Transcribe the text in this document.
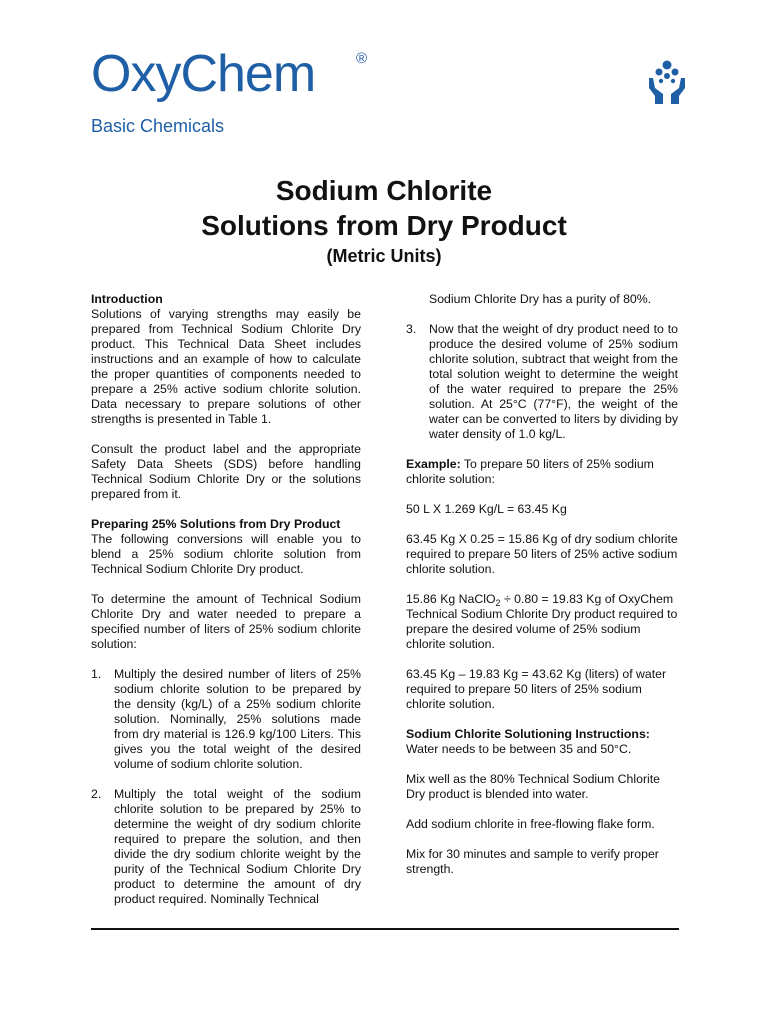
OxyChem	®
Basic Chemicals
Sodium Chlorite
Solutions from Dry Product
(Metric Units)
Introduction
Solutions of varying strengths may easily be prepared from Technical Sodium Chlorite Dry product. This Technical Data Sheet includes instructions and an example of how to calculate the proper quantities of components needed to prepare a 25% active sodium chlorite solution. Data necessary to prepare solutions of other strengths is presented in Table 1.
Consult the product label and the appropriate Safety Data Sheets (SDS) before handling Technical Sodium Chlorite Dry or the solutions prepared from it.
Preparing 25% Solutions from Dry Product
The following conversions will enable you to blend a 25% sodium chlorite solution from Technical Sodium Chlorite Dry product.
To determine the amount of Technical Sodium Chlorite Dry and water needed to prepare a specified number of liters of 25% sodium chlorite solution:
1. Multiply the desired number of liters of 25% sodium chlorite solution to be prepared by the density (kg/L) of a 25% sodium chlorite solution. Nominally, 25% solutions made from dry material is 126.9 kg/100 Liters. This gives you the total weight of the desired volume of sodium chlorite solution.
2. Multiply the total weight of the sodium chlorite solution to be prepared by 25% to determine the weight of dry sodium chlorite required to prepare the solution, and then divide the dry sodium chlorite weight by the purity of the Technical Sodium Chlorite Dry product to determine the amount of dry product required. Nominally Technical
Sodium Chlorite Dry has a purity of 80%.
3. Now that the weight of dry product need to to produce the desired volume of 25% sodium chlorite solution, subtract that weight from the total solution weight to determine the weight of the water required to prepare the 25% solution. At 25°C (77°F), the weight of the water can be converted to liters by dividing by water density of 1.0 kg/L.
Example: To prepare 50 liters of 25% sodium chlorite solution:
50 L X 1.269 Kg/L = 63.45 Kg
63.45 Kg X 0.25 = 15.86 Kg of dry sodium chlorite required to prepare 50 liters of 25% active sodium chlorite solution.
15.86 Kg NaClO$_2$ ÷ 0.80 = 19.83 Kg of OxyChem Technical Sodium Chlorite Dry product required to prepare the desired volume of 25% sodium chlorite solution.
63.45 Kg – 19.83 Kg = 43.62 Kg (liters) of water required to prepare 50 liters of 25% sodium chlorite solution.
Sodium Chlorite Solutioning Instructions:
Water needs to be between 35 and 50°C.
Mix well as the 80% Technical Sodium Chlorite Dry product is blended into water.
Add sodium chlorite in free-flowing flake form.
Mix for 30 minutes and sample to verify proper strength.
